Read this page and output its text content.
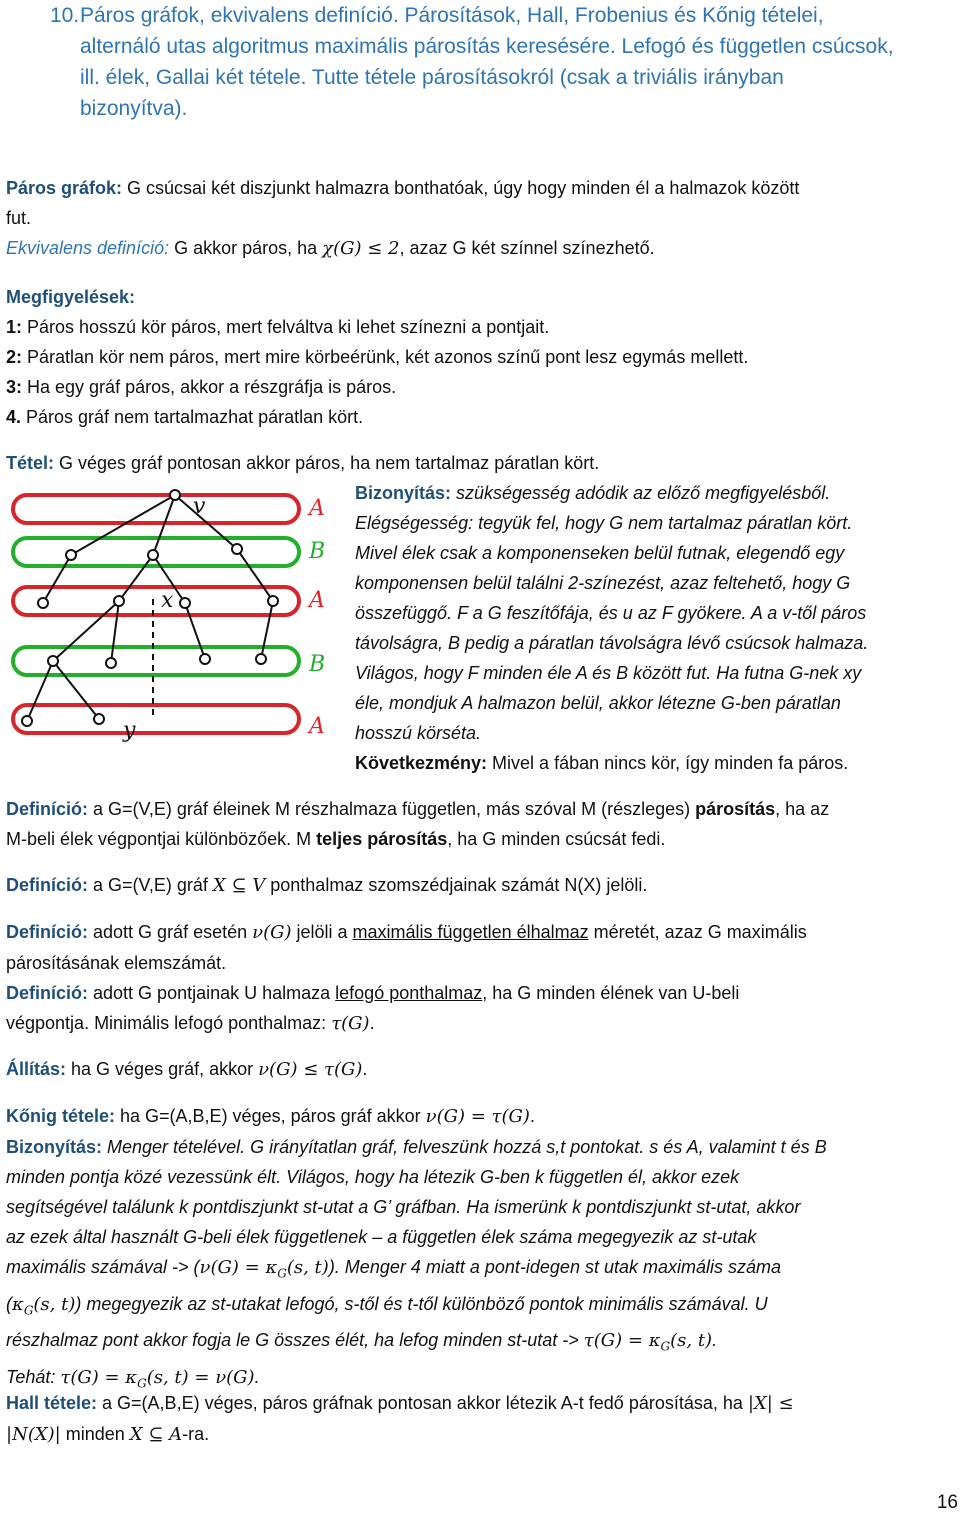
10. Páros gráfok, ekvivalens definíció. Párosítások, Hall, Frobenius és Kőnig tételei,
alternáló utas algoritmus maximális párosítás keresésére. Lefogó és független csúcsok,
ill. élek, Gallai két tétele. Tutte tétele párosításokról (csak a triviális irányban
bizonyítva).
Páros gráfok: G csúcsai két diszjunkt halmazra bonthatóak, úgy hogy minden él a halmazok között
fut.
Ekvivalens definíció: G akkor páros, ha χ(G) ≤ 2, azaz G két színnel színezhető.
Megfigyelések:
1: Páros hosszú kör páros, mert felváltva ki lehet színezni a pontjait.
2: Páratlan kör nem páros, mert mire körbeérünk, két azonos színű pont lesz egymás mellett.
3: Ha egy gráf páros, akkor a részgráfja is páros.
4. Páros gráf nem tartalmazhat páratlan kört.
Tétel: G véges gráf pontosan akkor páros, ha nem tartalmaz páratlan kört.
v
x
y
A
B
A
B
A
Bizonyítás: szükségesség adódik az előző megfigyelésből.
Elégségesség: tegyük fel, hogy G nem tartalmaz páratlan kört.
Mivel élek csak a komponenseken belül futnak, elegendő egy
komponensen belül találni 2-színezést, azaz feltehető, hogy G
összefüggő. F a G feszítőfája, és u az F gyökere. A a v-től páros
távolságra, B pedig a páratlan távolságra lévő csúcsok halmaza.
Világos, hogy F minden éle A és B között fut. Ha futna G-nek xy
éle, mondjuk A halmazon belül, akkor létezne G-ben páratlan
hosszú körséta.
Következmény: Mivel a fában nincs kör, így minden fa páros.
Definíció: a G=(V,E) gráf éleinek M részhalmaza független, más szóval M (részleges) párosítás, ha az
M-beli élek végpontjai különbözőek. M teljes párosítás, ha G minden csúcsát fedi.
Definíció: a G=(V,E) gráf X ⊆ V ponthalmaz szomszédjainak számát N(X) jelöli.
Definíció: adott G gráf esetén ν(G) jelöli a maximális független élhalmaz méretét, azaz G maximális
párosításának elemszámát.
Definíció: adott G pontjainak U halmaza lefogó ponthalmaz, ha G minden élének van U-beli
végpontja. Minimális lefogó ponthalmaz: τ(G).
Állítás: ha G véges gráf, akkor ν(G) ≤ τ(G).
Kőnig tétele: ha G=(A,B,E) véges, páros gráf akkor ν(G) = τ(G).
Bizonyítás: Menger tételével. G irányítatlan gráf, felveszünk hozzá s,t pontokat. s és A, valamint t és B
minden pontja közé vezessünk élt. Világos, hogy ha létezik G-ben k független él, akkor ezek
segítségével találunk k pontdiszjunkt st-utat a G’ gráfban. Ha ismerünk k pontdiszjunkt st-utat, akkor
az ezek által használt G-beli élek függetlenek – a független élek száma megegyezik az st-utak
maximális számával -> ($\nu(G) = \kappa_G(s$, t)). Menger 4 miatt a pont-idegen st utak maximális száma
($\kappa_G(s$, t)) megegyezik az st-utakat lefogó, s-től és t-től különböző pontok minimális számával. U
részhalmaz pont akkor fogja le G összes élét, ha lefog minden st-utat -> $\tau(G) = \kappa_G(s$, t).
Tehát: $\tau(G) = \kappa_G(s$, t) = ν(G).
Hall tétele: a G=(A,B,E) véges, páros gráfnak pontosan akkor létezik A-t fedő párosítása, ha |X| ≤
|N(X)| minden X ⊆ A-ra.
16
